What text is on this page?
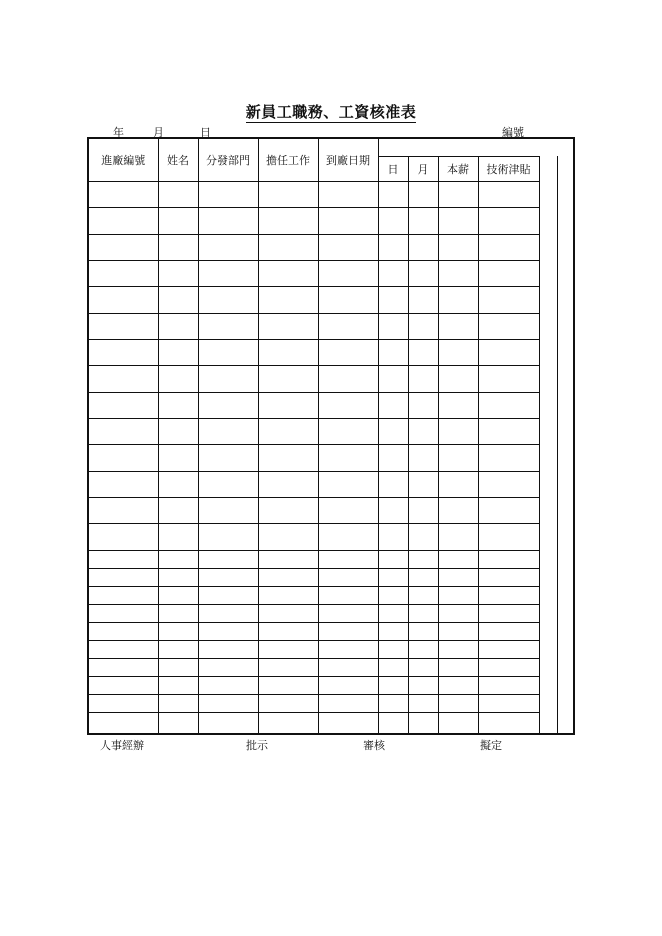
新員工職務、工資核准表
年	月	日	編號
進廠編號	姓名	分發部門	擔任工作	到廠日期						
					日	月	本薪	技術津貼		

人事經辦	批示	審核	擬定
